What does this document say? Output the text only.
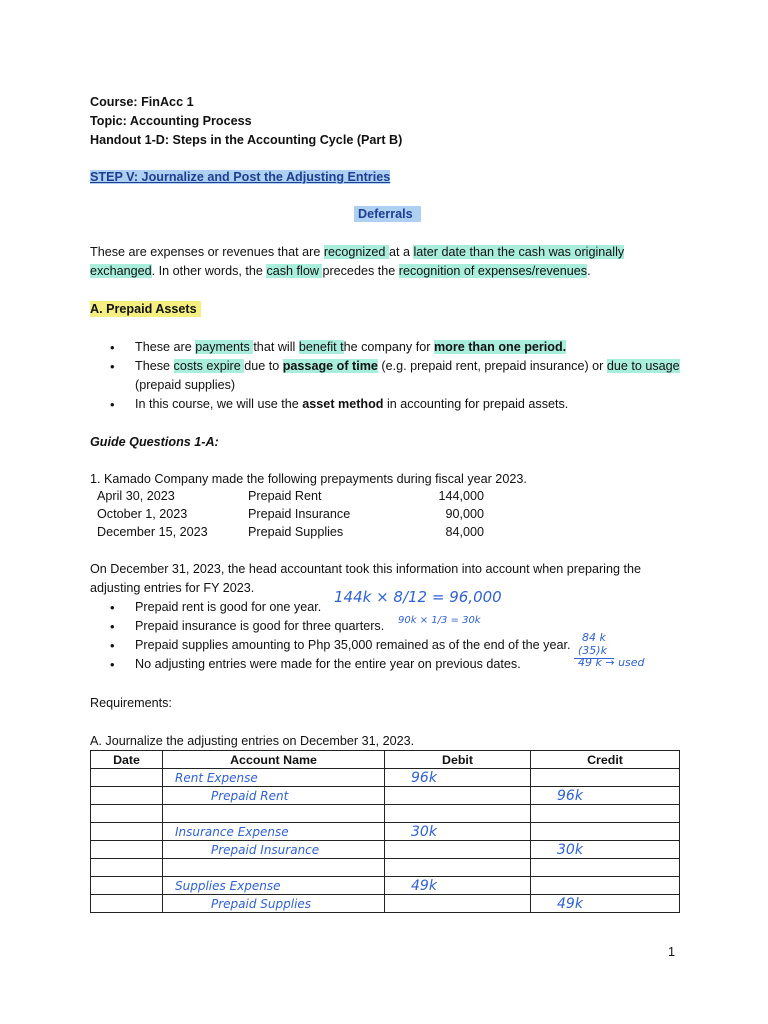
Course: FinAcc 1
Topic: Accounting Process
Handout 1-D: Steps in the Accounting Cycle (Part B)
STEP V: Journalize and Post the Adjusting Entries
Deferrals
These are expenses or revenues that are recognized at a later date than the cash was originally
exchanged. In other words, the cash flow precedes the recognition of expenses/revenues.
A. Prepaid Assets
• These are payments that will benefit the company for more than one period.
• These costs expire due to passage of time (e.g. prepaid rent, prepaid insurance) or due to usage
(prepaid supplies)
• In this course, we will use the asset method in accounting for prepaid assets.
Guide Questions 1-A:
1. Kamado Company made the following prepayments during fiscal year 2023.
April 30, 2023	Prepaid Rent	144,000
October 1, 2023	Prepaid Insurance	90,000
December 15, 2023	Prepaid Supplies	84,000
On December 31, 2023, the head accountant took this information into account when preparing the
adjusting entries for FY 2023.
• Prepaid rent is good for one year.
• Prepaid insurance is good for three quarters.
• Prepaid supplies amounting to Php 35,000 remained as of the end of the year.
• No adjusting entries were made for the entire year on previous dates.
144k × 8/12 = 96,000
90k × 1/3 = 30k
84 k
(35)k
49 k → used
Requirements:
A. Journalize the adjusting entries on December 31, 2023.
Date	Account Name	Debit	Credit
	Rent Expense	96k	
	Prepaid Rent		96k

	Insurance Expense	30k	
	Prepaid Insurance		30k

	Supplies Expense	49k	
	Prepaid Supplies		49k
1
